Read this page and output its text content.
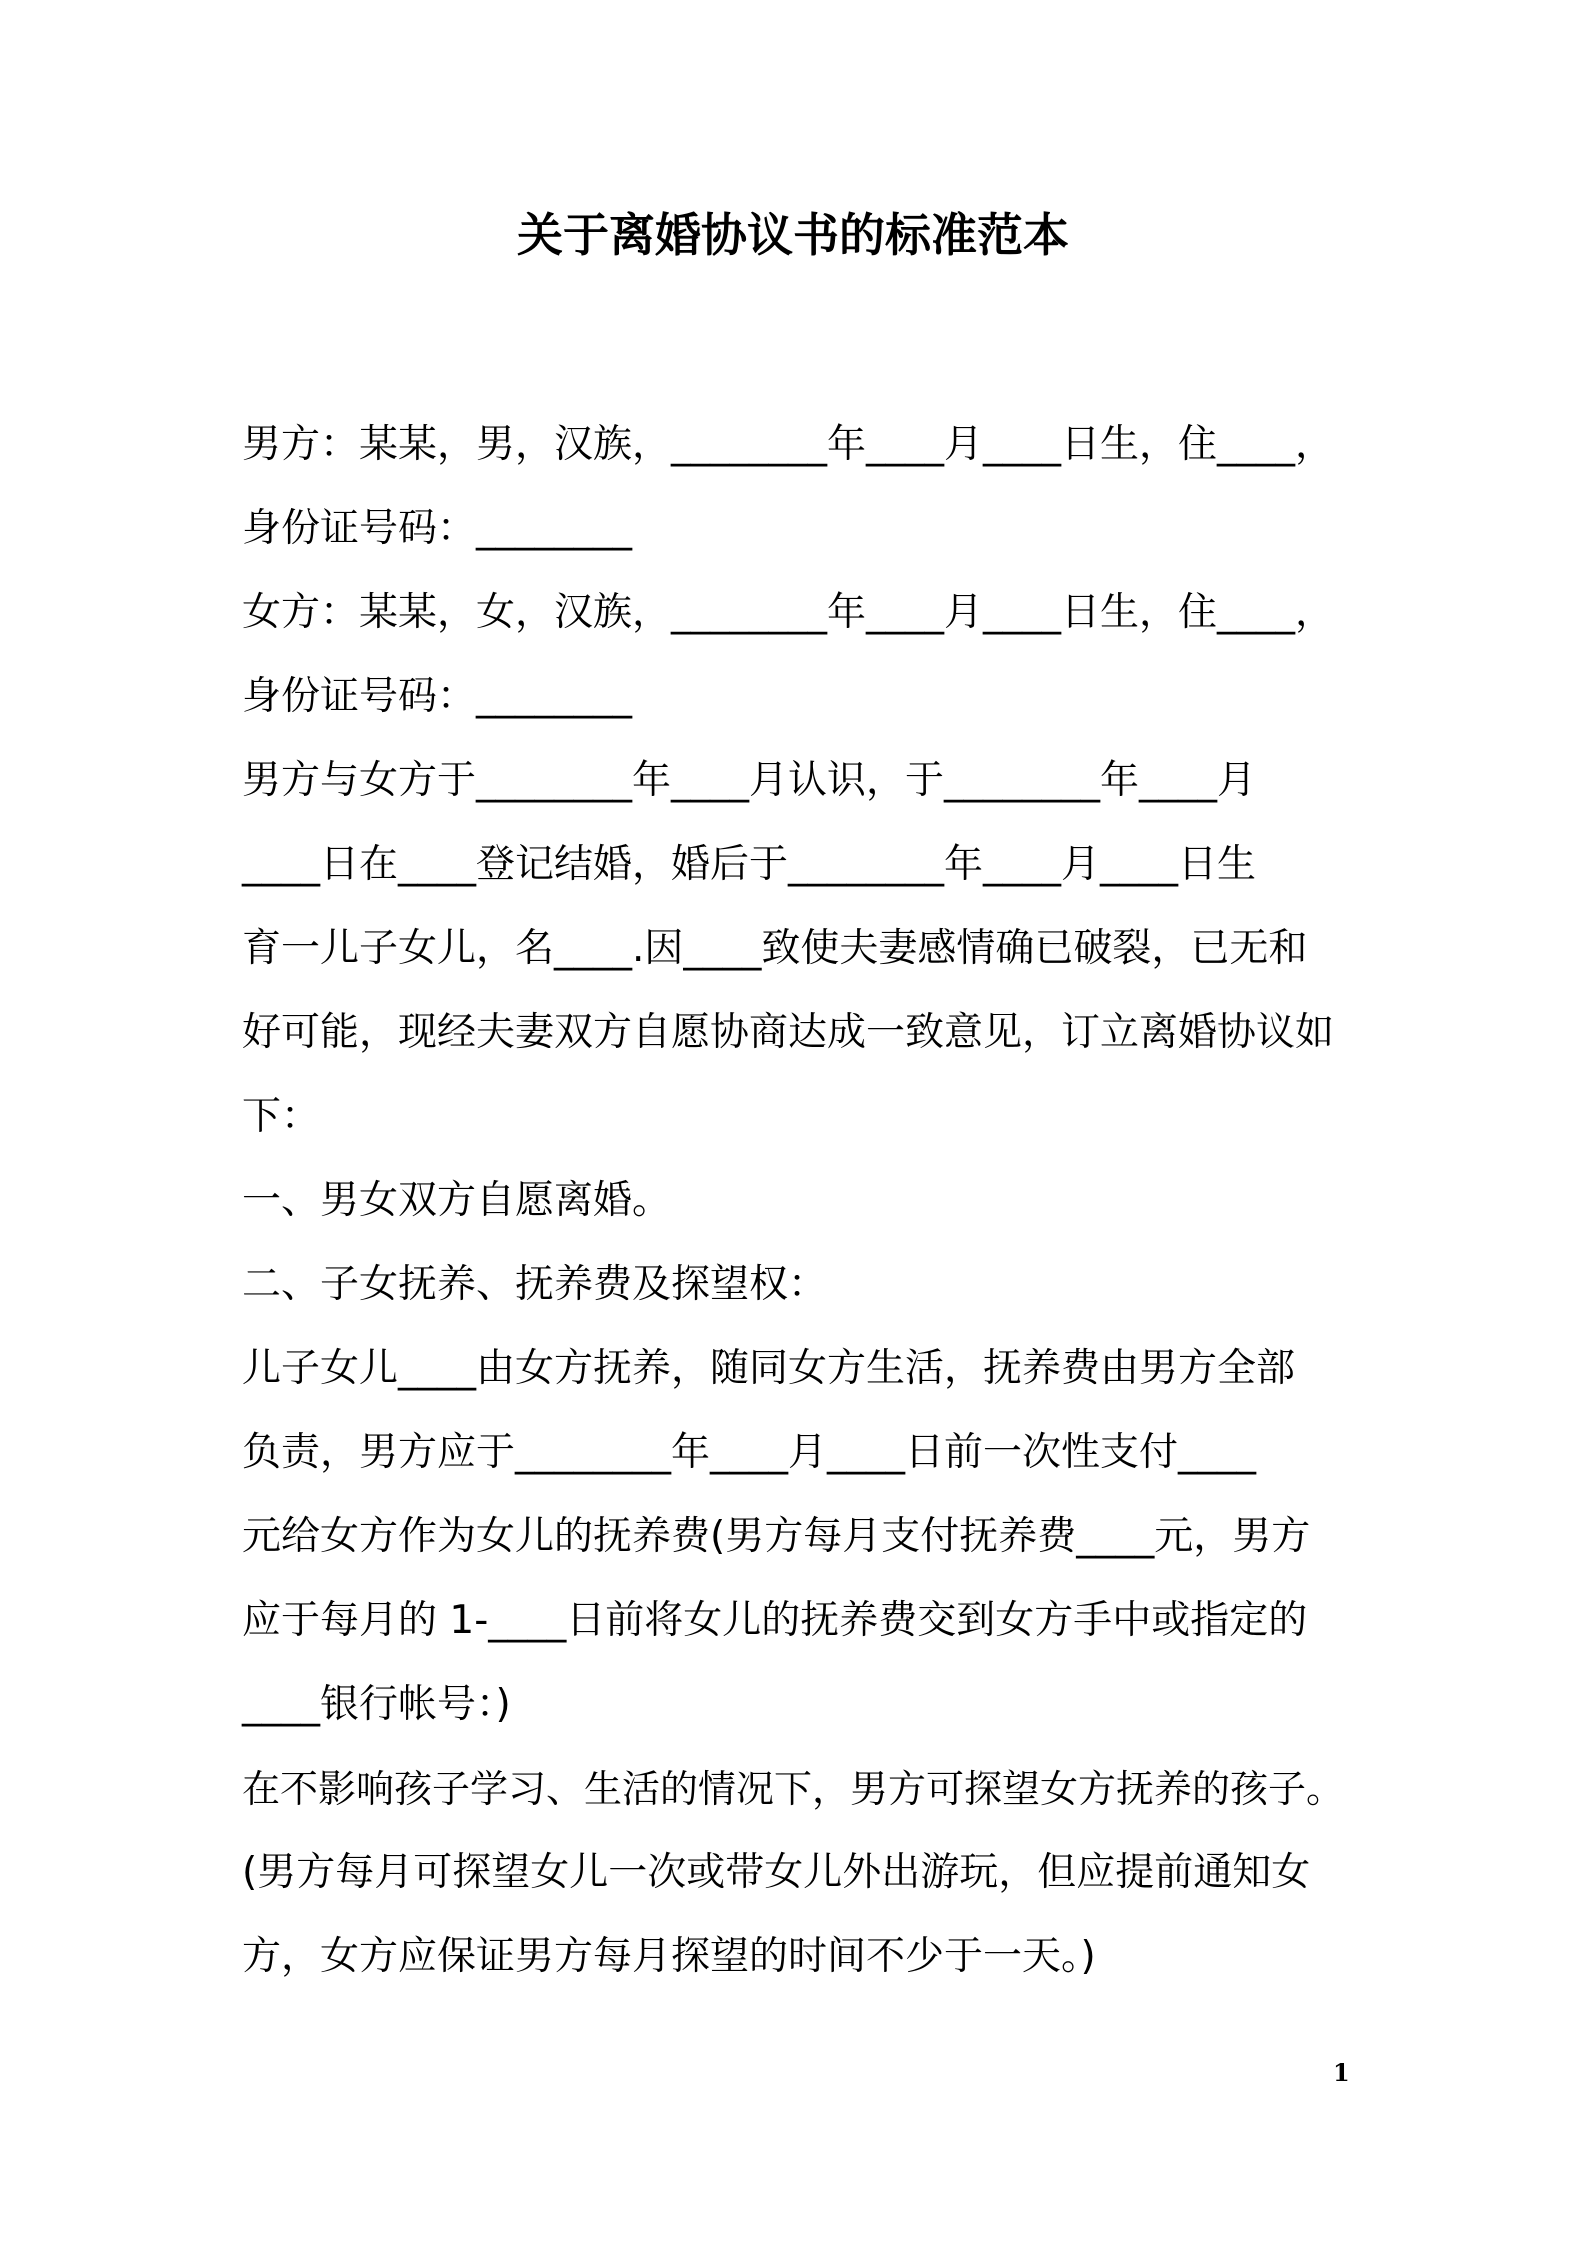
关于离婚协议书的标准范本
男方：某某，男，汉族，________年____月____日生，住____，
身份证号码：________
女方：某某，女，汉族，________年____月____日生，住____，
身份证号码：________
男方与女方于________年____月认识，于________年____月
____日在____登记结婚，婚后于________年____月____日生
育一儿子女儿，名____.因____致使夫妻感情确已破裂，已无和
好可能，现经夫妻双方自愿协商达成一致意见，订立离婚协议如
下：
一、男女双方自愿离婚。
二、子女抚养、抚养费及探望权：
儿子女儿____由女方抚养，随同女方生活，抚养费由男方全部
负责，男方应于________年____月____日前一次性支付____
元给女方作为女儿的抚养费(男方每月支付抚养费____元，男方
应于每月的 1-____日前将女儿的抚养费交到女方手中或指定的
____银行帐号：)
在不影响孩子学习、生活的情况下，男方可探望女方抚养的孩子。
(男方每月可探望女儿一次或带女儿外出游玩，但应提前通知女
方，女方应保证男方每月探望的时间不少于一天。)
1
